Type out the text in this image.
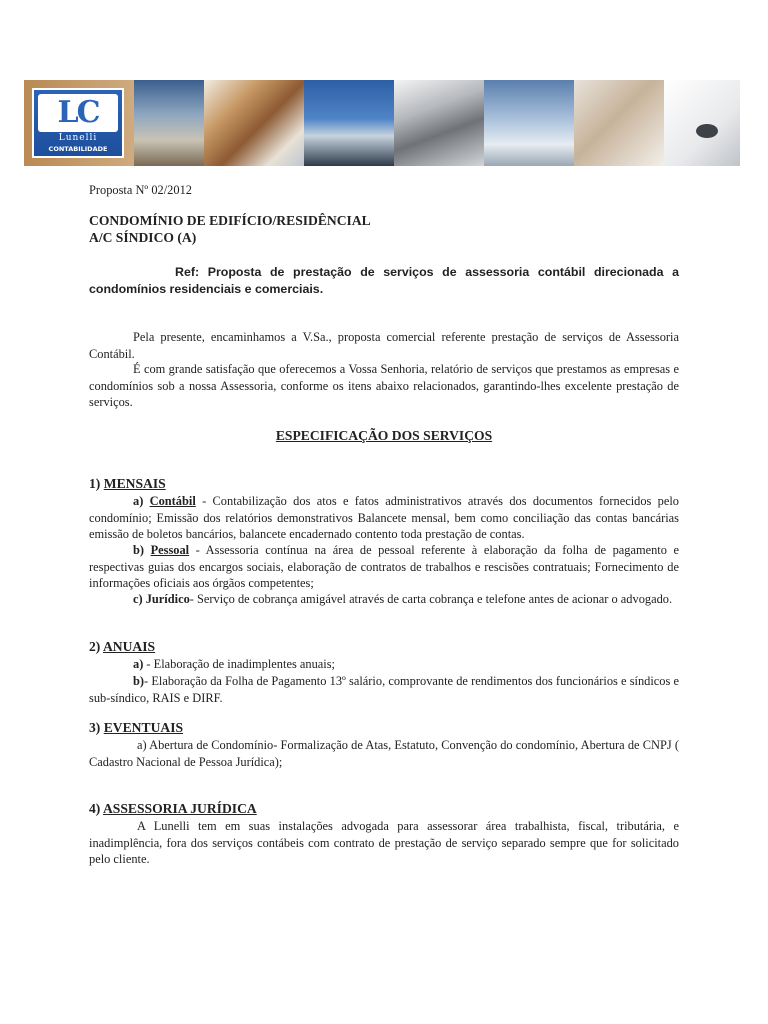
LC
Lunelli
CONTABILIDADE
Proposta Nº 02/2012
CONDOMÍNIO DE EDIFÍCIO/RESIDÊNCIAL
A/C SÍNDICO (A)
Ref: Proposta de prestação de serviços de assessoria contábil direcionada a condomínios residenciais e comerciais.
Pela presente, encaminhamos a V.Sa., proposta comercial referente prestação de serviços de Assessoria Contábil.
É com grande satisfação que oferecemos a Vossa Senhoria, relatório de serviços que prestamos as empresas e condomínios sob a nossa Assessoria, conforme os itens abaixo relacionados, garantindo-lhes excelente prestação de serviços.
ESPECIFICAÇÃO DOS SERVIÇOS
1) MENSAIS
a) Contábil - Contabilização dos atos e fatos administrativos através dos documentos fornecidos pelo condomínio; Emissão dos relatórios demonstrativos Balancete mensal, bem como conciliação das contas bancárias emissão de boletos bancários, balancete encadernado contento toda prestação de contas.
b) Pessoal - Assessoria contínua na área de pessoal referente à elaboração da folha de pagamento e respectivas guias dos encargos sociais, elaboração de contratos de trabalhos e rescisões contratuais; Fornecimento de informações oficiais aos órgãos competentes;
c) Jurídico- Serviço de cobrança amigável através de carta cobrança e telefone antes de acionar o advogado.
2) ANUAIS
a) - Elaboração de inadimplentes anuais;
b)- Elaboração da Folha de Pagamento 13º salário, comprovante de rendimentos dos funcionários e síndicos e sub-síndico, RAIS e DIRF.
3) EVENTUAIS
a) Abertura de Condomínio- Formalização de Atas, Estatuto, Convenção do condomínio, Abertura de CNPJ ( Cadastro Nacional de Pessoa Jurídica);
4) ASSESSORIA JURÍDICA
A Lunelli tem em suas instalações advogada para assessorar área trabalhista, fiscal, tributária, e inadimplência, fora dos serviços contábeis com contrato de prestação de serviço separado sempre que for solicitado pelo cliente.
